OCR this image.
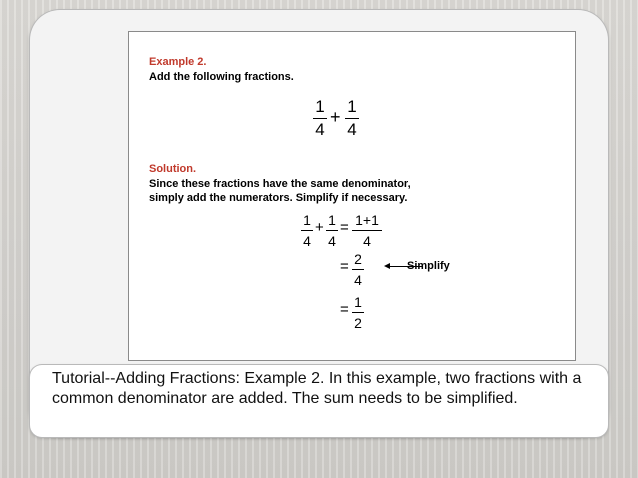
Example 2.
Add the following fractions.
1
4
+
1
4
Solution.
Since these fractions have the same denominator,
simply add the numerators. Simplify if necessary.
1
4
+ 1
4
= 1+1
4
= 2
4
Simplify
= 1
2
Tutorial--Adding Fractions: Example 2. In this example, two fractions with a common denominator are added. The sum needs to be simplified.
